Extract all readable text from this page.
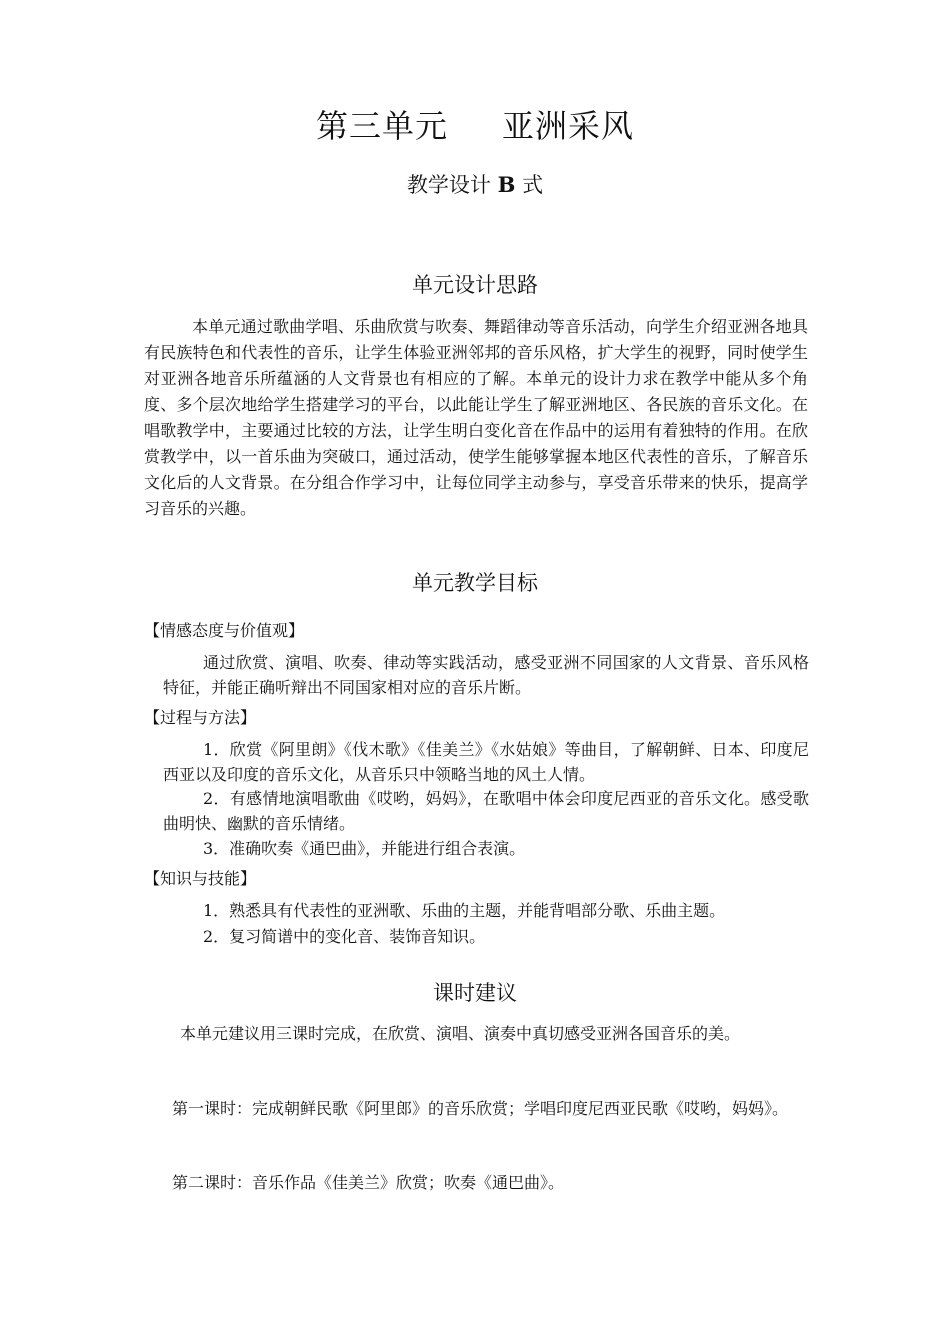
第三单元 亚洲采风
教学设计 B 式
单元设计思路

本单元通过歌曲学唱、乐曲欣赏与吹奏、舞蹈律动等音乐活动，向学生介绍亚洲各地具有民族特色和代表性的音乐，让学生体验亚洲邻邦的音乐风格，扩大学生的视野，同时使学生对亚洲各地音乐所蕴涵的人文背景也有相应的了解。本单元的设计力求在教学中能从多个角度、多个层次地给学生搭建学习的平台，以此能让学生了解亚洲地区、各民族的音乐文化。在唱歌教学中，主要通过比较的方法，让学生明白变化音在作品中的运用有着独特的作用。在欣赏教学中，以一首乐曲为突破口，通过活动，使学生能够掌握本地区代表性的音乐，了解音乐文化后的人文背景。在分组合作学习中，让每位同学主动参与，享受音乐带来的快乐，提高学习音乐的兴趣。

单元教学目标
【情感态度与价值观】

通过欣赏、演唱、吹奏、律动等实践活动，感受亚洲不同国家的人文背景、音乐风格特征，并能正确听辩出不同国家相对应的音乐片断。

【过程与方法】

1．欣赏《阿里朗》《伐木歌》《佳美兰》《水姑娘》等曲目，了解朝鲜、日本、印度尼西亚以及印度的音乐文化，从音乐只中领略当地的风土人情。

2．有感情地演唱歌曲《哎哟，妈妈》，在歌唱中体会印度尼西亚的音乐文化。感受歌曲明快、幽默的音乐情绪。

3．准确吹奏《通巴曲》，并能进行组合表演。

【知识与技能】

1．熟悉具有代表性的亚洲歌、乐曲的主题，并能背唱部分歌、乐曲主题。

2．复习简谱中的变化音、装饰音知识。

课时建议

本单元建议用三课时完成，在欣赏、演唱、演奏中真切感受亚洲各国音乐的美。

第一课时：完成朝鲜民歌《阿里郎》的音乐欣赏；学唱印度尼西亚民歌《哎哟，妈妈》。
第二课时：音乐作品《佳美兰》欣赏；吹奏《通巴曲》。
